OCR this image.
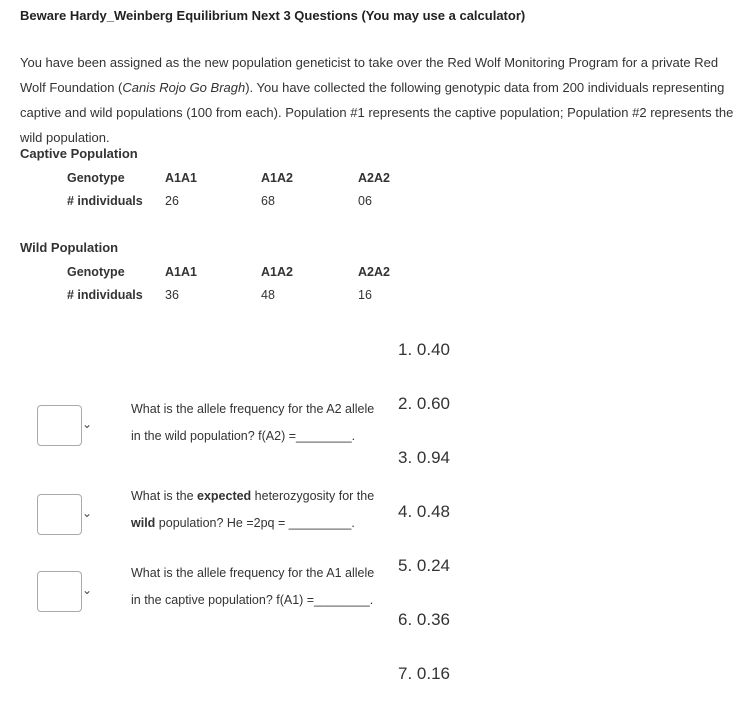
Beware Hardy_Weinberg Equilibrium Next 3 Questions (You may use a calculator)
You have been assigned as the new population geneticist to take over the Red Wolf Monitoring Program for a private Red Wolf Foundation (Canis Rojo Go Bragh). You have collected the following genotypic data from 200 individuals representing captive and wild populations (100 from each). Population #1 represents the captive population; Population #2 represents the wild population.
Captive Population
Genotype	A1A1	A1A2	A2A2
# individuals 26	68	06
Wild Population
Genotype	A1A1	A1A2	A2A2
# individuals 36	48	16
⌄
⌄
⌄
What is the allele frequency for the A2 allele in the wild population? f(A2) =________.
What is the expected heterozygosity for the wild population? He =2pq = _________.
What is the allele frequency for the A1 allele in the captive population? f(A1) =________.
1. 0.40
2. 0.60
3. 0.94
4. 0.48
5. 0.24
6. 0.36
7. 0.16
